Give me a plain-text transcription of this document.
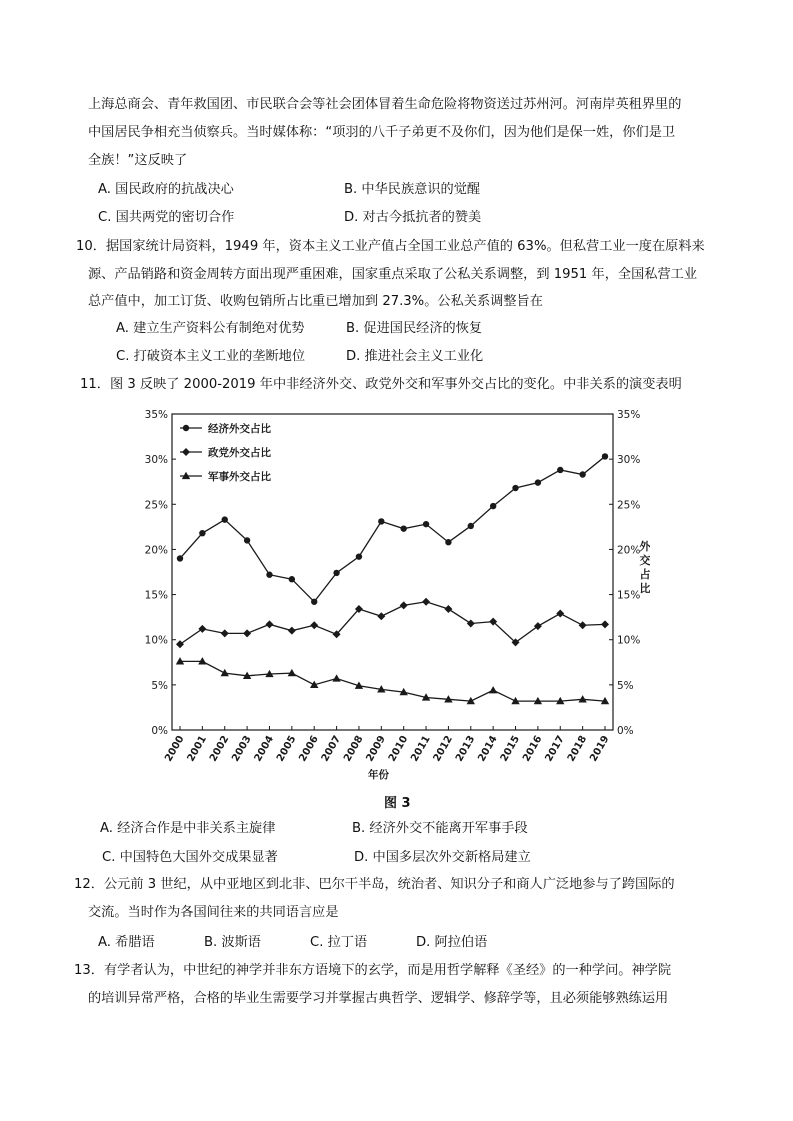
上海总商会、青年救国团、市民联合会等社会团体冒着生命危险将物资送过苏州河。河南岸英租界里的
中国居民争相充当侦察兵。当时媒体称：“项羽的八千子弟更不及你们，因为他们是保一姓，你们是卫
全族！”这反映了
A. 国民政府的抗战决心	B. 中华民族意识的觉醒
C. 国共两党的密切合作	D. 对古今抵抗者的赞美
10．据国家统计局资料，1949 年，资本主义工业产值占全国工业总产值的 63%。但私营工业一度在原料来
源、产品销路和资金周转方面出现严重困难，国家重点采取了公私关系调整，到 1951 年，全国私营工业
总产值中，加工订货、收购包销所占比重已增加到 27.3%。公私关系调整旨在
A. 建立生产资料公有制绝对优势	B. 促进国民经济的恢复
C. 打破资本主义工业的垄断地位	D. 推进社会主义工业化
11．图 3 反映了 2000-2019 年中非经济外交、政党外交和军事外交占比的变化。中非关系的演变表明
0%
5%
10%
15%
20%
25%
30%
35%
0%
5%
10%
15%
20%
25%
30%
35%
2000
2001
2002
2003
2004
2005
2006
2007
2008
2009
2010
2011
2012
2013
2014
2015
2016
2017
2018
2019
年份
外
交
占
比
经济外交占比
政党外交占比
军事外交占比
图 3
A. 经济合作是中非关系主旋律	B. 经济外交不能离开军事手段
C. 中国特色大国外交成果显著	D. 中国多层次外交新格局建立
12．公元前 3 世纪，从中亚地区到北非、巴尔干半岛，统治者、知识分子和商人广泛地参与了跨国际的
交流。当时作为各国间往来的共同语言应是
A. 希腊语	B. 波斯语	C. 拉丁语	D. 阿拉伯语
13．有学者认为，中世纪的神学并非东方语境下的玄学，而是用哲学解释《圣经》的一种学问。神学院
的培训异常严格，合格的毕业生需要学习并掌握古典哲学、逻辑学、修辞学等，且必须能够熟练运用
